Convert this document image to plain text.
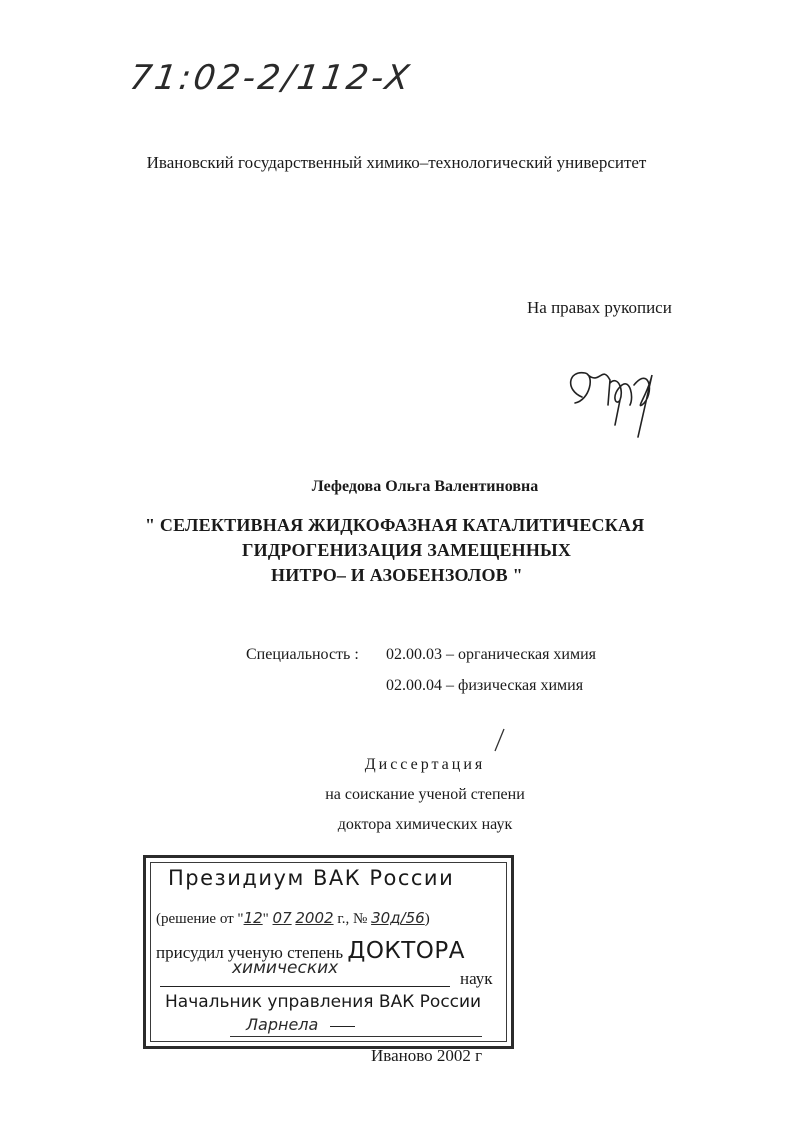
71:02-2/112-X
Ивановский государственный химико–технологический университет
На правах рукописи
Лефедова Ольга Валентиновна
" СЕЛЕКТИВНАЯ ЖИДКОФАЗНАЯ КАТАЛИТИЧЕСКАЯ
ГИДРОГЕНИЗАЦИЯ ЗАМЕЩЕННЫХ
НИТРО– И АЗОБЕНЗОЛОВ "
Специальность : 02.00.03 – органическая химия
02.00.04 – физическая химия
Диссертация
на соискание ученой степени
доктора химических наук
Президиум ВАК России
(решение от "12" 07 2002 г., № 30д/56)
присудил ученую степень ДОКТОРА
химических
наук
Начальник управления ВАК России
Ларнела
Иваново 2002 г
